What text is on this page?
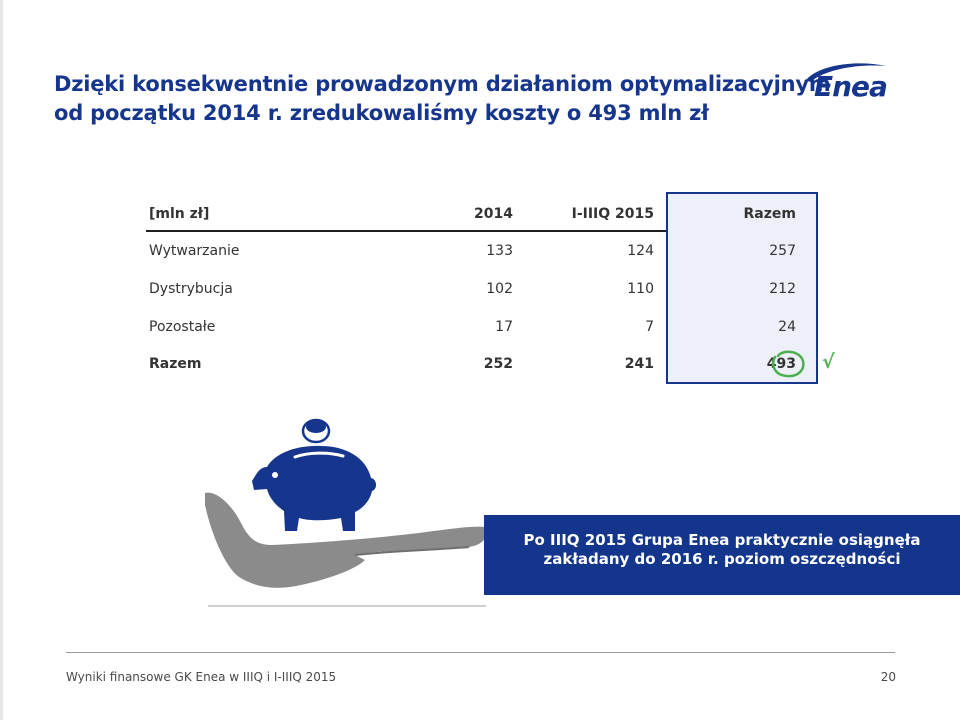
Dzięki konsekwentnie prowadzonym działaniom optymalizacyjnym
od początku 2014 r. zredukowaliśmy koszty o 493 mln zł
Enea
[mln zł]	2014	I-IIIQ 2015	Razem
Wytwarzanie	133	124	257
Dystrybucja	102	110	212
Pozostałe	17	7	24
Razem	252	241	493 √
Po IIIQ 2015 Grupa Enea praktycznie osiągnęła
zakładany do 2016 r. poziom oszczędności
Wyniki finansowe GK Enea w IIIQ i I-IIIQ 2015	20
